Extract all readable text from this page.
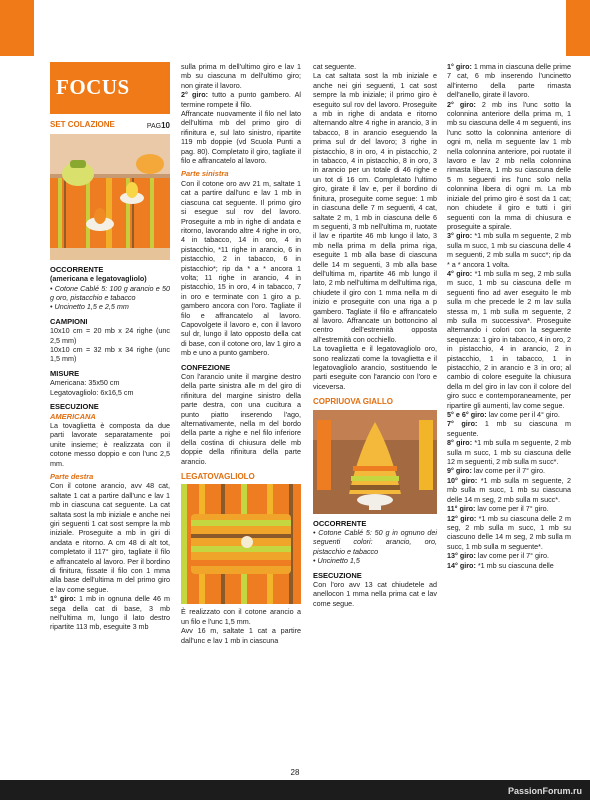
FOCUS
SET COLAZIONE	PAG10
OCCORRENTE
(americana e legatovagliolo)

• Cotone Cablé 5: 100 g arancio e 50 g oro, pistacchio e tabacco

• Uncinetto 1,5 e 2,5 mm

CAMPIONI

10x10 cm = 20 mb x 24 righe (unc 2,5 mm)

10x10 cm = 32 mb x 34 righe (unc 1,5 mm)

MISURE

Americana: 35x50 cm

Legatovagliolo: 6x16,5 cm

ESECUZIONE
AMERICANA

La tovaglietta è composta da due parti lavorate separatamente poi unite insieme; è realizzata con il cotone messo doppio e con l'unc 2,5 mm.

Parte destra

Con il cotone arancio, avv 48 cat, saltate 1 cat a partire dall'unc e lav 1 mb in ciascuna cat seguente. La cat saltata sost la mb iniziale e anche nei giri seguenti 1 cat sost sempre la mb iniziale. Proseguite a mb in giri di andata e ritorno. A cm 48 di alt tot, completato il 117° giro, tagliate il filo e affrancatelo al lavoro. Per il bordino di finitura, fissate il filo con 1 mma alla base dell'ultima m del primo giro e lav come segue.

1° giro: 1 mb in ognuna delle 46 m sega della cat di base, 3 mb nell'ultima m, lungo il lato destro ripartite 113 mb, eseguite 3 mb

sulla prima m dell'ultimo giro e lav 1 mb su ciascuna m dell'ultimo giro; non girate il lavoro.

2° giro: tutto a punto gambero. Al termine rompete il filo.

Affrancate nuovamente il filo nel lato dell'ultima mb del primo giro di rifinitura e, sul lato sinistro, ripartite 119 mb doppie (vd Scuola Punti a pag. 80). Completato il giro, tagliate il filo e affrancatelo al lavoro.

Parte sinistra

Con il cotone oro avv 21 m, saltate 1 cat a partire dall'unc e lav 1 mb in ciascuna cat seguente. Il primo giro si esegue sul rov del lavoro. Proseguite a mb in righe di andata e ritorno, lavorando altre 4 righe in oro, 4 in tabacco, 14 in oro, 4 in pistacchio, *11 righe in arancio, 6 in pistacchio, 2 in tabacco, 6 in pistacchio*; rip da * a * ancora 1 volta; 11 righe in arancio, 4 in pistacchio, 15 in oro, 4 in tabacco, 7 in oro e terminate con 1 giro a p. gambero ancora con l'oro. Tagliate il filo e affrancatelo al lavoro. Capovolgete il lavoro e, con il lavoro sul dr, lungo il lato opposto della cat di base, con il cotone oro, lav 1 giro a mb e uno a punto gambero.

CONFEZIONE

Con l'arancio unite il margine destro della parte sinistra alle m del giro di rifinitura del margine sinistro della parte destra, con una cucitura a punto piatto inserendo l'ago, alternativamente, nella m del bordo della parte a righe e nel filo inferiore della costina di chiusura delle mb doppie della rifinitura della parte arancio.

LEGATOVAGLIOLO

È realizzato con il cotone arancio a un filo e l'unc 1,5 mm.

Avv 16 m, saltate 1 cat a partire dall'unc e lav 1 mb in ciascuna

cat seguente.

La cat saltata sost la mb iniziale e anche nei giri seguenti, 1 cat sost sempre la mb iniziale; il primo giro è eseguito sul rov del lavoro. Proseguite a mb in righe di andata e ritorno alternando altre 4 righe in arancio, 3 in tabacco, 8 in arancio eseguendo la prima sul dr del lavoro; 3 righe in pistacchio, 8 in oro, 4 in pistacchio, 2 in tabacco, 4 in pistacchio, 8 in oro, 3 in arancio per un totale di 46 righe e un tot di 16 cm. Completato l'ultimo giro, girate il lav e, per il bordino di finitura, proseguite come segue: 1 mb in ciascuna delle 7 m seguenti, 4 cat, saltate 2 m, 1 mb in ciascuna delle 6 m seguenti, 3 mb nell'ultima m, ruotate il lav e ripartite 46 mb lungo il lato, 3 mb nella prima m della prima riga, eseguite 1 mb alla base di ciascuna delle 14 m seguenti, 3 mb alla base dell'ultima m, ripartite 46 mb lungo il lato, 2 mb nell'ultima m dell'ultima riga, chiudete il giro con 1 mma nella m di inizio e proseguite con una riga a p gambero. Tagliate il filo e affrancatelo al lavoro. Affrancate un bottoncino al centro dell'estremità opposta all'estremità con occhiello.

La tovaglietta e il legatovagliolo oro, sono realizzati come la tovaglietta e il legatovagliolo arancio, sostituendo le parti eseguite con l'arancio con l'oro e viceversa.

COPRIUOVA GIALLO
OCCORRENTE

• Cotone Cablé 5: 50 g in ognuno dei seguenti colori: arancio, oro, pistacchio e tabacco

• Uncinetto 1,5

ESECUZIONE

Con l'oro avv 13 cat chiudetele ad anellocon 1 mma nella prima cat e lav come segue.

1° giro: 1 mma in ciascuna delle prime 7 cat, 6 mb inserendo l'uncinetto all'interno della parte rimasta dell'anello, girate il lavoro.

2° giro: 2 mb ins l'unc sotto la colonnina anteriore della prima m, 1 mb su ciascuna delle 4 m seguenti, ins l'unc sotto la colonnina anteriore di ogni m, nella m seguente lav 1 mb nella colonnina anteriore, poi ruotate il lavoro e lav 2 mb nella colonnina rimasta libera, 1 mb su ciascuna delle 5 m seguenti ins l'unc solo nella colonnina libera di ogni m. La mb iniziale del primo giro è sost da 1 cat; non chiudete il giro e tutti i giri seguenti con la mma di chiusura e proseguite a spirale.

3° giro: *1 mb sulla m seguente, 2 mb sulla m succ, 1 mb su ciascuna delle 4 m seguenti, 2 mb sulla m succ*; rip da * a * ancora 1 volta.

4° giro: *1 mb sulla m seg, 2 mb sulla m succ, 1 mb su ciascuna delle m seguenti fino ad aver eseguito le mb sulla m che precede le 2 m lav sulla stessa m, 1 mb sulla m seguente, 2 mb sulla m successiva*. Proseguite alternando i colori con la seguente sequenza: 1 giro in tabacco, 4 in oro, 2 in pistacchio, 4 in arancio, 2 in pistacchio, 1 in tabacco, 1 in pistacchio, 2 in arancio e 3 in oro; al cambio di colore eseguite la chiusura della m del giro in lav con il colore del giro succ e contemporaneamente, per ripartire gli aumenti, lav come segue.

5° e 6° giro: lav come per il 4° giro.

7° giro: 1 mb su ciascuna m seguente.

8° giro: *1 mb sulla m seguente, 2 mb sulla m succ, 1 mb su ciascuna delle 12 m seguenti, 2 mb sulla m succ*.

9° giro: lav come per il 7° giro.

10° giro: *1 mb sulla m seguente, 2 mb sulla m succ, 1 mb su ciascuna delle 14 m seg, 2 mb sulla m succ*.

11° giro: lav come per il 7° giro.

12° giro: *1 mb su ciascuna delle 2 m seg, 2 mb sulla m succ, 1 mb su ciascuno delle 14 m seg, 2 mb sulla m succ, 1 mb sulla m seguente*.

13° giro: lav come per il 7° giro.

14° giro: *1 mb su ciascuna delle

28
PassionForum.ru
